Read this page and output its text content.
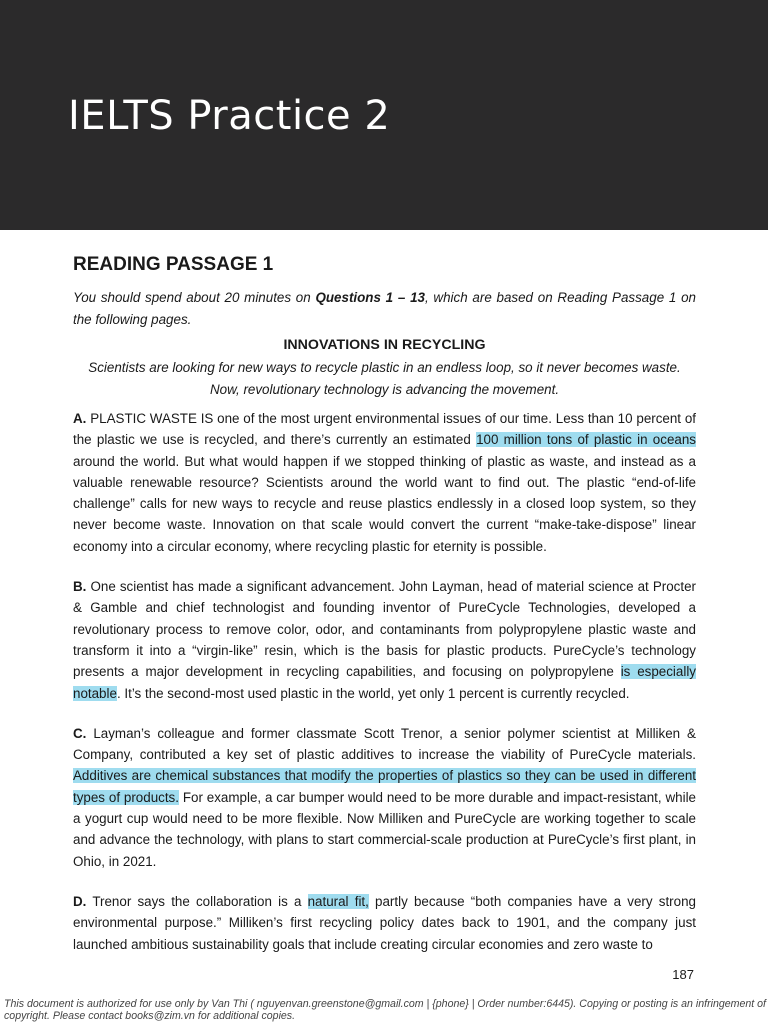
IELTS Practice 2
READING PASSAGE 1

You should spend about 20 minutes on Questions 1 – 13, which are based on Reading Passage 1 on the following pages.

INNOVATIONS IN RECYCLING

Scientists are looking for new ways to recycle plastic in an endless loop, so it never becomes waste. Now, revolutionary technology is advancing the movement.

A. PLASTIC WASTE IS one of the most urgent environmental issues of our time. Less than 10 percent of the plastic we use is recycled, and there’s currently an estimated 100 million tons of plastic in oceans around the world. But what would happen if we stopped thinking of plastic as waste, and instead as a valuable renewable resource? Scientists around the world want to find out. The plastic “end-of-life challenge” calls for new ways to recycle and reuse plastics endlessly in a closed loop system, so they never become waste. Innovation on that scale would convert the current “make-take-dispose” linear economy into a circular economy, where recycling plastic for eternity is possible.

B. One scientist has made a significant advancement. John Layman, head of material science at Procter & Gamble and chief technologist and founding inventor of PureCycle Technologies, developed a revolutionary process to remove color, odor, and contaminants from polypropylene plastic waste and transform it into a “virgin-like” resin, which is the basis for plastic products. PureCycle’s technology presents a major development in recycling capabilities, and focusing on polypropylene is especially notable. It’s the second-most used plastic in the world, yet only 1 percent is currently recycled.

C. Layman’s colleague and former classmate Scott Trenor, a senior polymer scientist at Milliken & Company, contributed a key set of plastic additives to increase the viability of PureCycle materials. Additives are chemical substances that modify the properties of plastics so they can be used in different types of products. For example, a car bumper would need to be more durable and impact-resistant, while a yogurt cup would need to be more flexible. Now Milliken and PureCycle are working together to scale and advance the technology, with plans to start commercial-scale production at PureCycle’s first plant, in Ohio, in 2021.

D. Trenor says the collaboration is a natural fit, partly because “both companies have a very strong environmental purpose.” Milliken’s first recycling policy dates back to 1901, and the company just launched ambitious sustainability goals that include creating circular economies and zero waste to

187

This document is authorized for use only by Van Thi ( nguyenvan.greenstone@gmail.com | {phone} | Order number:6445). Copying or posting is an infringement of copyright. Please contact books@zim.vn for additional copies.
